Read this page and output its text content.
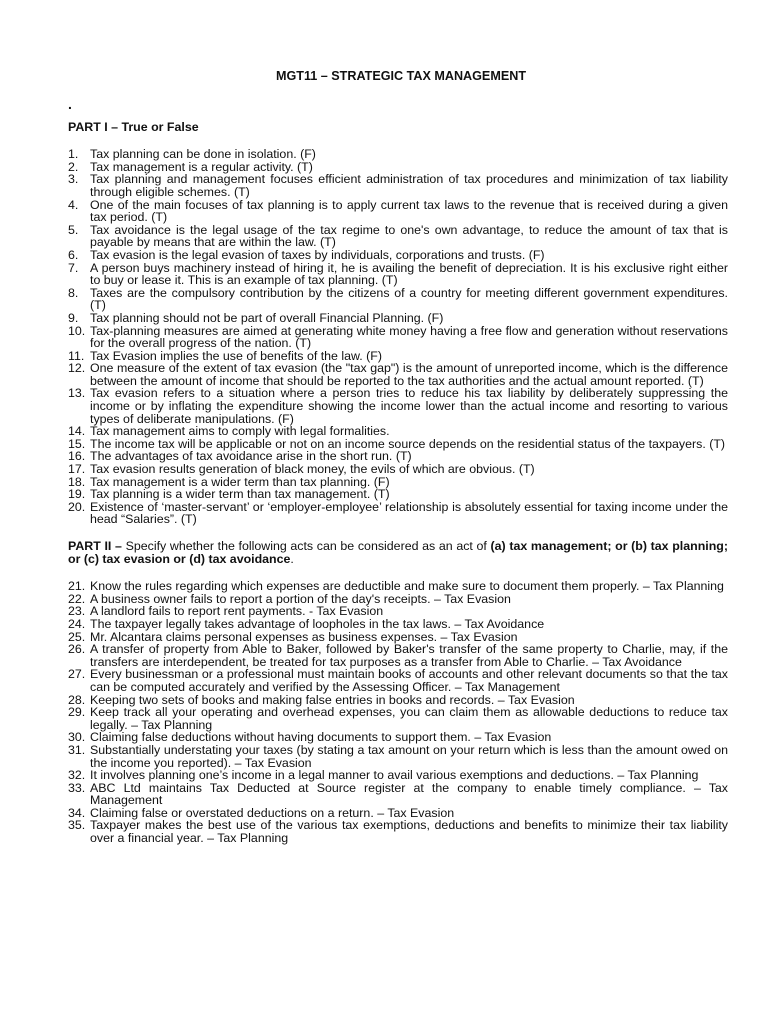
MGT11 – STRATEGIC TAX MANAGEMENT
.
PART I – True or False
1. Tax planning can be done in isolation. (F)
2. Tax management is a regular activity. (T)
3. Tax planning and management focuses efficient administration of tax procedures and minimization of tax liability through eligible schemes. (T)
4. One of the main focuses of tax planning is to apply current tax laws to the revenue that is received during a given tax period. (T)
5. Tax avoidance is the legal usage of the tax regime to one's own advantage, to reduce the amount of tax that is payable by means that are within the law. (T)
6. Tax evasion is the legal evasion of taxes by individuals, corporations and trusts. (F)
7. A person buys machinery instead of hiring it, he is availing the benefit of depreciation. It is his exclusive right either to buy or lease it. This is an example of tax planning. (T)
8. Taxes are the compulsory contribution by the citizens of a country for meeting different government expenditures. (T)
9. Tax planning should not be part of overall Financial Planning. (F)
10. Tax-planning measures are aimed at generating white money having a free flow and generation without reservations for the overall progress of the nation. (T)
11. Tax Evasion implies the use of benefits of the law. (F)
12. One measure of the extent of tax evasion (the "tax gap") is the amount of unreported income, which is the difference between the amount of income that should be reported to the tax authorities and the actual amount reported. (T)
13. Tax evasion refers to a situation where a person tries to reduce his tax liability by deliberately suppressing the income or by inflating the expenditure showing the income lower than the actual income and resorting to various types of deliberate manipulations. (F)
14. Tax management aims to comply with legal formalities.
15. The income tax will be applicable or not on an income source depends on the residential status of the taxpayers. (T)
16. The advantages of tax avoidance arise in the short run. (T)
17. Tax evasion results generation of black money, the evils of which are obvious. (T)
18. Tax management is a wider term than tax planning. (F)
19. Tax planning is a wider term than tax management. (T)
20. Existence of ‘master-servant’ or ‘employer-employee’ relationship is absolutely essential for taxing income under the head “Salaries”. (T)
PART II – Specify whether the following acts can be considered as an act of (a) tax management; or (b) tax planning; or (c) tax evasion or (d) tax avoidance.
21. Know the rules regarding which expenses are deductible and make sure to document them properly. – Tax Planning
22. A business owner fails to report a portion of the day's receipts. – Tax Evasion
23. A landlord fails to report rent payments. - Tax Evasion
24. The taxpayer legally takes advantage of loopholes in the tax laws. – Tax Avoidance
25. Mr. Alcantara claims personal expenses as business expenses. – Tax Evasion
26. A transfer of property from Able to Baker, followed by Baker's transfer of the same property to Charlie, may, if the transfers are interdependent, be treated for tax purposes as a transfer from Able to Charlie. – Tax Avoidance
27. Every businessman or a professional must maintain books of accounts and other relevant documents so that the tax can be computed accurately and verified by the Assessing Officer. – Tax Management
28. Keeping two sets of books and making false entries in books and records. – Tax Evasion
29. Keep track all your operating and overhead expenses, you can claim them as allowable deductions to reduce tax legally. – Tax Planning
30. Claiming false deductions without having documents to support them. – Tax Evasion
31. Substantially understating your taxes (by stating a tax amount on your return which is less than the amount owed on the income you reported). – Tax Evasion
32. It involves planning one’s income in a legal manner to avail various exemptions and deductions. – Tax Planning
33. ABC Ltd maintains Tax Deducted at Source register at the company to enable timely compliance. – Tax Management
34. Claiming false or overstated deductions on a return. – Tax Evasion
35. Taxpayer makes the best use of the various tax exemptions, deductions and benefits to minimize their tax liability over a financial year. – Tax Planning
